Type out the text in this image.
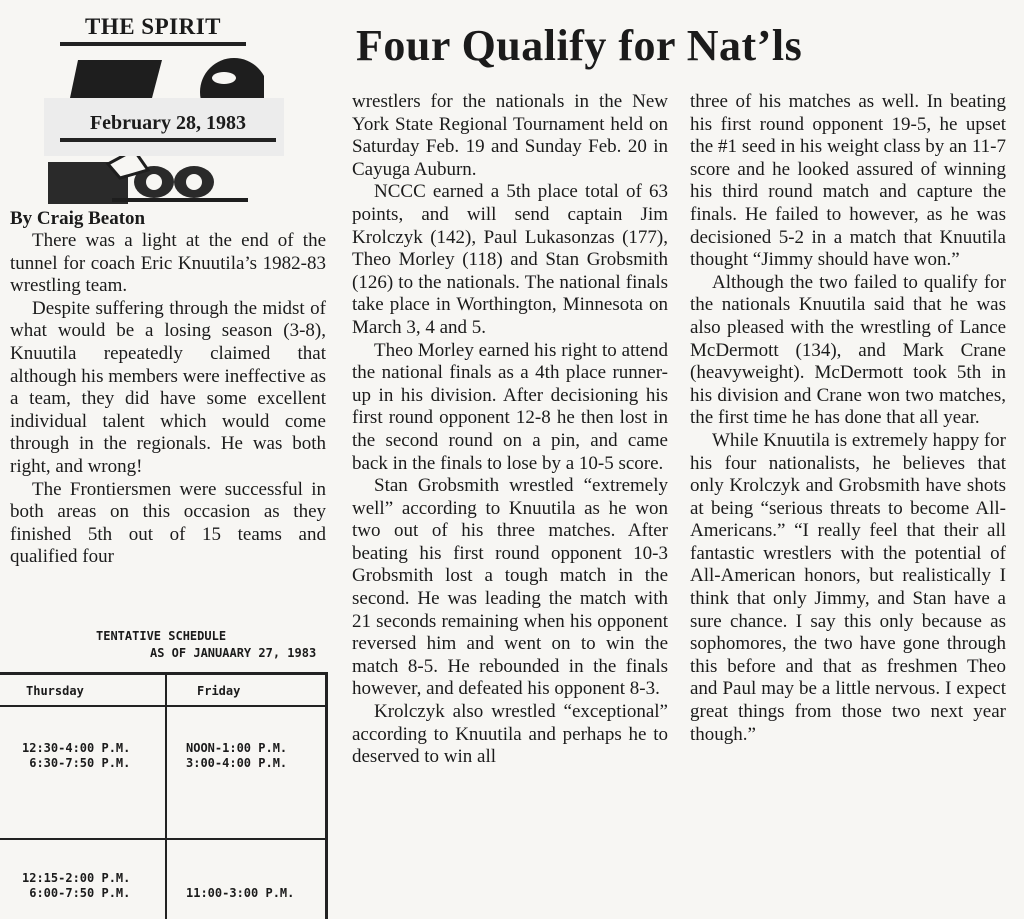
THE SPIRIT
February 28, 1983
Four Qualify for Nat’ls
By Craig Beaton

There was a light at the end of the tunnel for coach Eric Knuutila’s 1982-83 wrestling team.

Despite suffering through the midst of what would be a losing season (3-8), Knuutila repeatedly claimed that although his members were ineffective as a team, they did have some excellent individual talent which would come through in the regionals. He was both right, and wrong!

The Frontiersmen were successful in both areas on this occasion as they finished 5th out of 15 teams and qualified four

wrestlers for the nationals in the New York State Regional Tournament held on Saturday Feb. 19 and Sunday Feb. 20 in Cayuga Auburn.

NCCC earned a 5th place total of 63 points, and will send captain Jim Krolczyk (142), Paul Lukasonzas (177), Theo Morley (118) and Stan Grobsmith (126) to the nationals. The national finals take place in Worthington, Minnesota on March 3, 4 and 5.

Theo Morley earned his right to attend the national finals as a 4th place runner-up in his division. After decisioning his first round opponent 12-8 he then lost in the second round on a pin, and came back in the finals to lose by a 10-5 score.

Stan Grobsmith wrestled “extremely well” according to Knuutila as he won two out of his three matches. After beating his first round opponent 10-3 Grobsmith lost a tough match in the second. He was leading the match with 21 seconds remaining when his opponent reversed him and went on to win the match 8-5. He rebounded in the finals however, and defeated his opponent 8-3.

Krolczyk also wrestled “exceptional” according to Knuutila and perhaps he to deserved to win all

three of his matches as well. In beating his first round opponent 19-5, he upset the #1 seed in his weight class by an 11-7 score and he looked assured of winning his third round match and capture the finals. He failed to however, as he was decisioned 5-2 in a match that Knuutila thought “Jimmy should have won.”

Although the two failed to qualify for the nationals Knuutila said that he was also pleased with the wrestling of Lance McDermott (134), and Mark Crane (heavyweight). McDermott took 5th in his division and Crane won two matches, the first time he has done that all year.

While Knuutila is extremely happy for his four nationalists, he believes that only Krolczyk and Grobsmith have shots at being “serious threats to become All-Americans.” “I really feel that their all fantastic wrestlers with the potential of All-American honors, but realistically I think that only Jimmy, and Stan have a sure chance. I say this only because as sophomores, the two have gone through this before and that as freshmen Theo and Paul may be a little nervous. I expect great things from those two next year though.”

TENTATIVE SCHEDULE
AS OF JANUAARY 27, 1983
Thursday	Friday
12:30-4:00 P.M.
6:30-7:50 P.M.
NOON-1:00 P.M.
3:00-4:00 P.M.
12:15-2:00 P.M.
6:00-7:50 P.M.	11:00-3:00 P.M.
